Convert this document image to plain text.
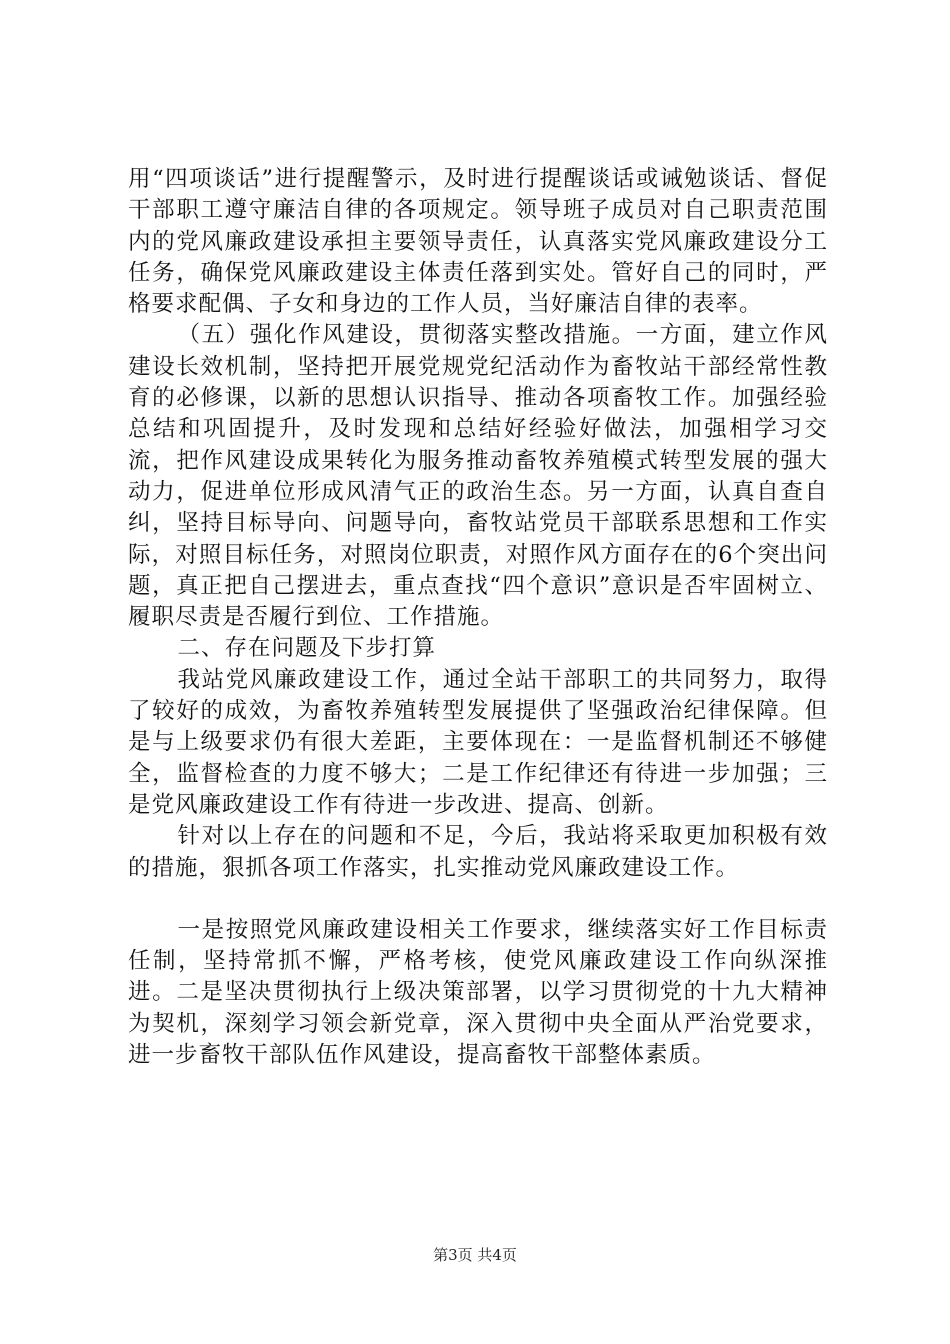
用“四项谈话”进行提醒警示，及时进行提醒谈话或诫勉谈话、督促干部职工遵守廉洁自律的各项规定。领导班子成员对自己职责范围内的党风廉政建设承担主要领导责任，认真落实党风廉政建设分工任务，确保党风廉政建设主体责任落到实处。管好自己的同时，严格要求配偶、子女和身边的工作人员，当好廉洁自律的表率。

（五）强化作风建设，贯彻落实整改措施。一方面，建立作风建设长效机制，坚持把开展党规党纪活动作为畜牧站干部经常性教育的必修课，以新的思想认识指导、推动各项畜牧工作。加强经验总结和巩固提升，及时发现和总结好经验好做法，加强相学习交流，把作风建设成果转化为服务推动畜牧养殖模式转型发展的强大动力，促进单位形成风清气正的政治生态。另一方面，认真自查自纠，坚持目标导向、问题导向，畜牧站党员干部联系思想和工作实际，对照目标任务，对照岗位职责，对照作风方面存在的6个突出问题，真正把自己摆进去，重点查找“四个意识”意识是否牢固树立、履职尽责是否履行到位、工作措施。

二、存在问题及下步打算

我站党风廉政建设工作，通过全站干部职工的共同努力，取得了较好的成效，为畜牧养殖转型发展提供了坚强政治纪律保障。但是与上级要求仍有很大差距，主要体现在：一是监督机制还不够健全，监督检查的力度不够大；二是工作纪律还有待进一步加强；三是党风廉政建设工作有待进一步改进、提高、创新。

针对以上存在的问题和不足，今后，我站将采取更加积极有效的措施，狠抓各项工作落实，扎实推动党风廉政建设工作。

一是按照党风廉政建设相关工作要求，继续落实好工作目标责任制，坚持常抓不懈，严格考核，使党风廉政建设工作向纵深推进。二是坚决贯彻执行上级决策部署，以学习贯彻党的十九大精神为契机，深刻学习领会新党章，深入贯彻中央全面从严治党要求，进一步畜牧干部队伍作风建设，提高畜牧干部整体素质。

第3页 共4页
